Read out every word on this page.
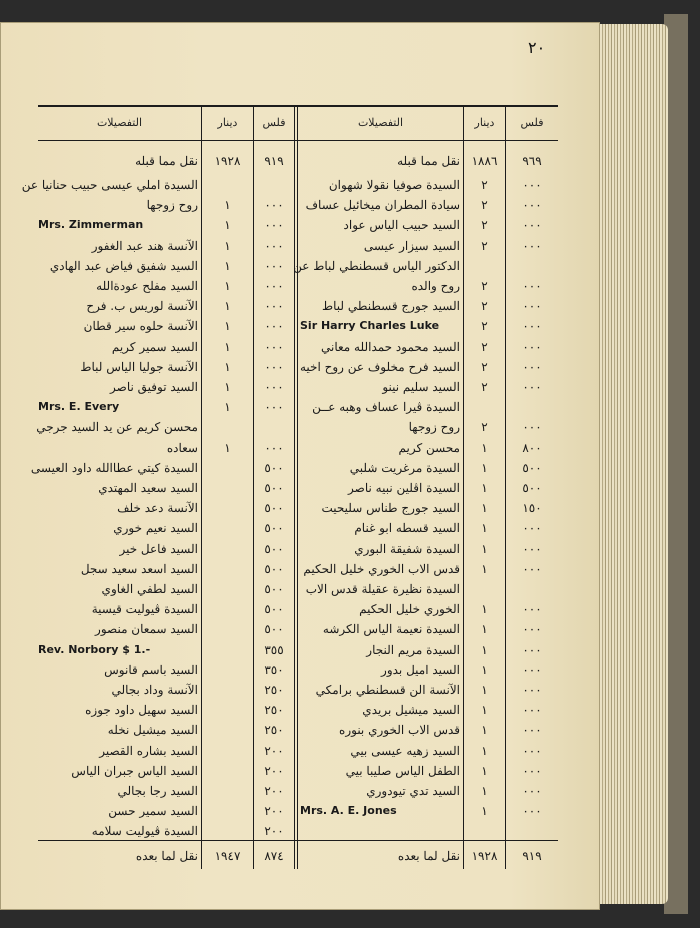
٢٠
فلس
دينار
التفصيلات
فلس
دينار
التفصيلات
٩٦٩
١٨٨٦
نقل مما قبله
٠٠٠
٢
السيدة صوفيا نقولا شهوان
٠٠٠
٢
سيادة المطران ميخائيل عساف
٠٠٠
٢
السيد حبيب الياس عواد
٠٠٠
٢
السيد سيزار عيسى
الدكتور الياس قسطنطي لباط عن
٠٠٠
٢
روح والده
٠٠٠
٢
السيد جورج قسطنطي لباط
٠٠٠
٢
Sir Harry Charles Luke
٠٠٠
٢
السيد محمود حمدالله معاني
٠٠٠
٢
السيد فرح مخلوف عن روح اخيه
٠٠٠
٢
السيد سليم نينو
السيدة ڤيرا عساف وهبه عــن
٠٠٠
٢
روح زوجها
٨٠٠
١
محسن كريم
٥٠٠
١
السيدة مرغريت شلبي
٥٠٠
١
السيدة اڤلين نبيه ناصر
١٥٠
١
السيد جورج طناس سليحيت
٠٠٠
١
السيد قسطه ابو غنام
٠٠٠
١
السيدة شفيقة البوري
٠٠٠
١
قدس الاب الخوري خليل الحكيم
السيدة نظيرة عقيلة قدس الاب
٠٠٠
١
الخوري خليل الحكيم
٠٠٠
١
السيدة نعيمة الياس الكرشه
٠٠٠
١
السيدة مريم النجار
٠٠٠
١
السيد اميل بدور
٠٠٠
١
الآنسة الن قسطنطي برامكي
٠٠٠
١
السيد ميشيل بريدي
٠٠٠
١
قدس الاب الخوري بنوره
٠٠٠
١
السيد زهيه عيسى بيي
٠٠٠
١
الطفل الياس صليبا بيي
٠٠٠
١
السيد تدي تيودوري
٠٠٠
١
Mrs. A. E. Jones
٩١٩
١٩٢٨
نقل لما بعده
٩١٩
١٩٢٨
نقل مما قبله
السيدة املي عيسى حبيب حنانيا عن
٠٠٠
١
روح زوجها
٠٠٠
١
Mrs. Zimmerman
٠٠٠
١
الآنسة هند عبد الغفور
٠٠٠
١
السيد شفيق فياض عبد الهادي
٠٠٠
١
السيد مفلح عودةالله
٠٠٠
١
الآنسة لوريس ب. فرح
٠٠٠
١
الآنسة حلوه سير قطان
٠٠٠
١
السيد سمير كريم
٠٠٠
١
الآنسة جوليا الياس لباط
٠٠٠
١
السيد توفيق ناصر
٠٠٠
١
Mrs. E. Every
محسن كريم عن يد السيد جرجي
٠٠٠
١
سعاده
٥٠٠
السيدة كيتي عطاالله داود العيسى
٥٠٠
السيد سعيد المهتدي
٥٠٠
الآنسة دعد خلف
٥٠٠
السيد نعيم خوري
٥٠٠
السيد فاعل خير
٥٠٠
السيد اسعد سعيد سجل
٥٠٠
السيد لطفي الغاوي
٥٠٠
السيدة ڤيوليت قيسية
٥٠٠
السيد سمعان منصور
٣٥٥
Rev. Norbory $ 1.-
٣٥٠
السيد باسم قانوس
٢٥٠
الآنسة وداد بجالي
٢٥٠
السيد سهيل داود جوزه
٢٥٠
السيد ميشيل نخله
٢٠٠
السيد بشاره القصير
٢٠٠
السيد الياس جبران الياس
٢٠٠
السيد رجا بجالي
٢٠٠
السيد سمير حسن
٢٠٠
السيدة ڤيوليت سلامه
٨٧٤
١٩٤٧
نقل لما بعده
